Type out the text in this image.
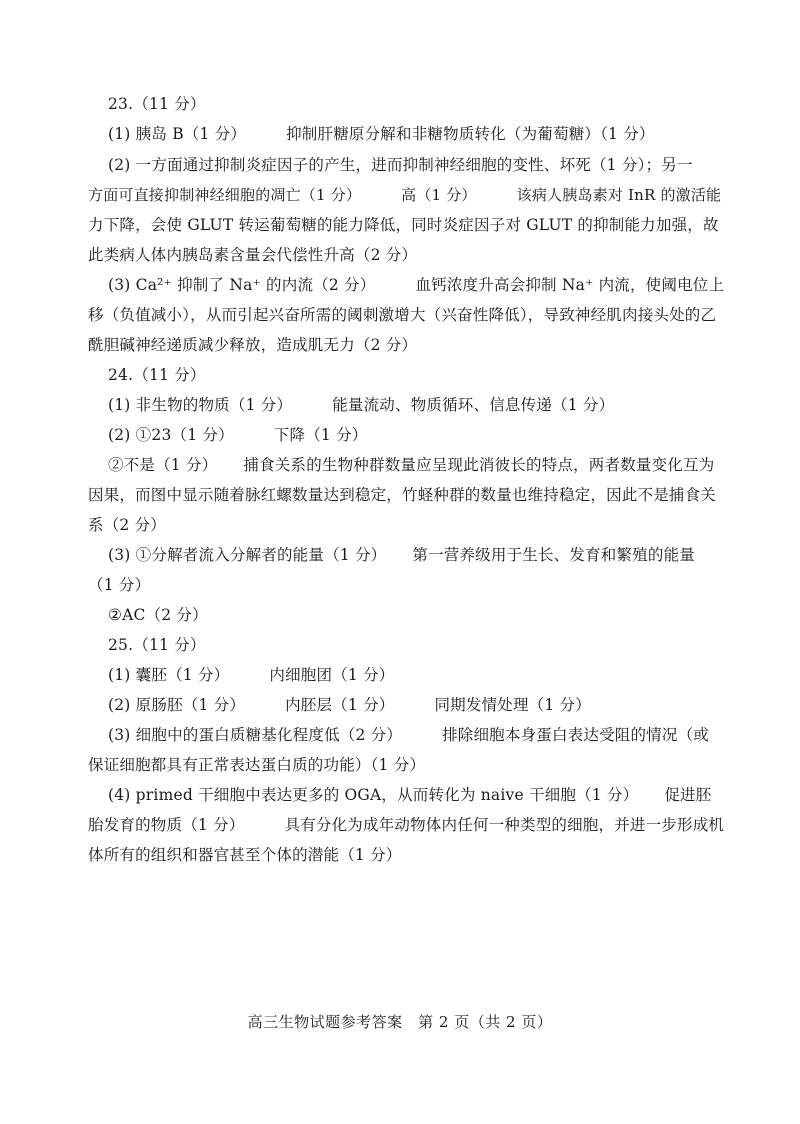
23.（11 分）
(1) 胰岛 B（1 分）	抑制肝糖原分解和非糖物质转化（为葡萄糖）（1 分）
(2) 一方面通过抑制炎症因子的产生，进而抑制神经细胞的变性、坏死（1 分）；另一
方面可直接抑制神经细胞的凋亡（1 分）	高（1 分）	该病人胰岛素对 InR 的激活能
力下降，会使 GLUT 转运葡萄糖的能力降低，同时炎症因子对 GLUT 的抑制能力加强，故
此类病人体内胰岛素含量会代偿性升高（2 分）
(3) Ca²⁺ 抑制了 Na⁺ 的内流（2 分）	血钙浓度升高会抑制 Na⁺ 内流，使阈电位上
移（负值减小），从而引起兴奋所需的阈刺激增大（兴奋性降低），导致神经肌肉接头处的乙
酰胆碱神经递质减少释放，造成肌无力（2 分）
24.（11 分）
(1) 非生物的物质（1 分）	能量流动、物质循环、信息传递（1 分）
(2) ①23（1 分）	下降（1 分）
②不是（1 分） 捕食关系的生物种群数量应呈现此消彼长的特点，两者数量变化互为
因果，而图中显示随着脉红螺数量达到稳定，竹蛏种群的数量也维持稳定，因此不是捕食关
系（2 分）
(3) ①分解者流入分解者的能量（1 分） 第一营养级用于生长、发育和繁殖的能量
（1 分）
②AC（2 分）
25.（11 分）
(1) 囊胚（1 分）	内细胞团（1 分）
(2) 原肠胚（1 分）	内胚层（1 分）	同期发情处理（1 分）
(3) 细胞中的蛋白质糖基化程度低（2 分）	排除细胞本身蛋白表达受阻的情况（或
保证细胞都具有正常表达蛋白质的功能）（1 分）
(4) primed 干细胞中表达更多的 OGA，从而转化为 naive 干细胞（1 分） 促进胚
胎发育的物质（1 分）	具有分化为成年动物体内任何一种类型的细胞，并进一步形成机
体所有的组织和器官甚至个体的潜能（1 分）
高三生物试题参考答案　第 2 页（共 2 页）
